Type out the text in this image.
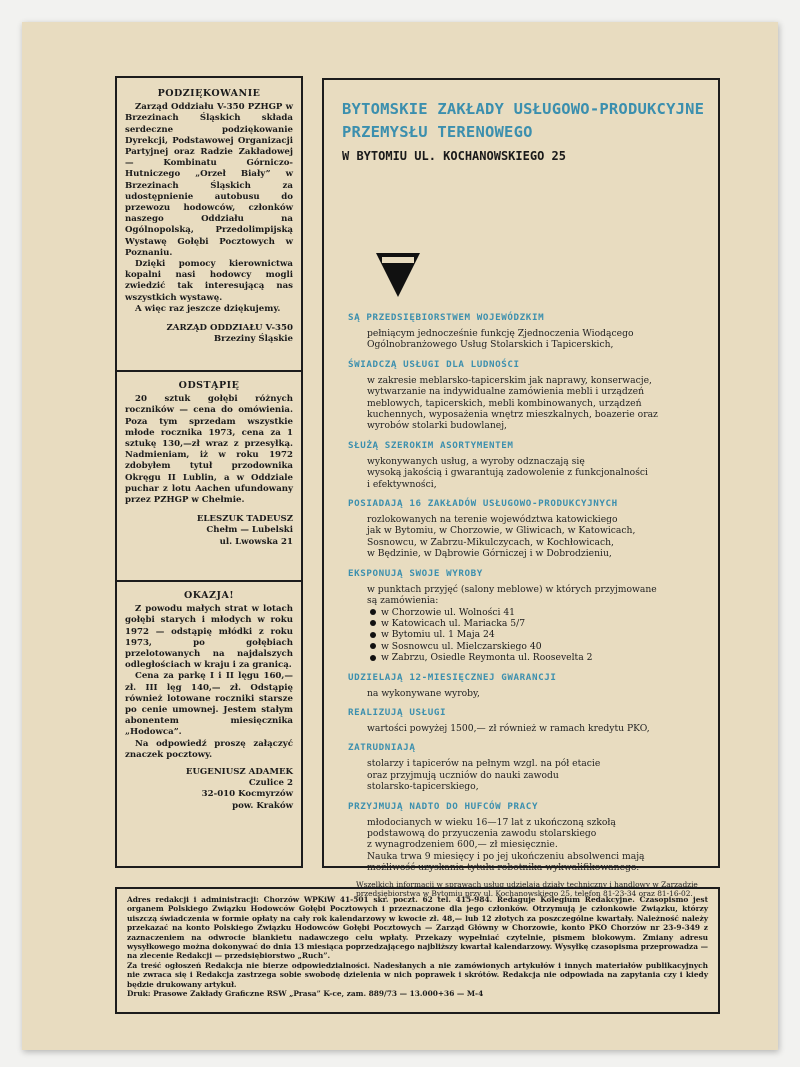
PODZIĘKOWANIE

Zarząd Oddziału V-350 PZHGP w Brzezinach Śląskich składa serdeczne podziękowanie Dyrekcji, Podstawowej Organizacji Partyjnej oraz Radzie Zakładowej — Kombinatu Górniczo-Hutniczego „Orzeł Biały” w Brzezinach Śląskich za udostępnienie autobusu do przewozu hodowców, członków naszego Oddziału na Ogólnopolską, Przedolimpijską Wystawę Gołębi Pocztowych w Poznaniu.

Dzięki pomocy kierownictwa kopalni nasi hodowcy mogli zwiedzić tak interesującą nas wszystkich wystawę.

A więc raz jeszcze dziękujemy.

ZARZĄD ODDZIAŁU V-350

Brzeziny Śląskie

ODSTĄPIĘ

20 sztuk gołębi różnych roczników — cena do omówienia. Poza tym sprzedam wszystkie młode rocznika 1973, cena za 1 sztukę 130,—zł wraz z przesyłką. Nadmieniam, iż w roku 1972 zdobyłem tytuł przodownika Okręgu II Lublin, a w Oddziale puchar z lotu Aachen ufundowany przez PZHGP w Chełmie.

ELESZUK TADEUSZ

Chełm — Lubelski

ul. Lwowska 21

OKAZJA!

Z powodu małych strat w lotach gołębi starych i młodych w roku 1972 — odstąpię młódki z roku 1973, po gołębiach przelotowanych na najdalszych odległościach w kraju i za granicą.

Cena za parkę I i II lęgu 160,— zł. III lęg 140,— zł. Odstąpię również lotowane roczniki starsze po cenie umownej. Jestem stałym abonentem miesięcznika „Hodowca”.

Na odpowiedź proszę załączyć znaczek pocztowy.

EUGENIUSZ ADAMEK

Czulice 2

32-010 Kocmyrzów

pow. Kraków

BYTOMSKIE ZAKŁADY USŁUGOWO-PRODUKCYJNE
PRZEMYSŁU TERENOWEGO
W BYTOMIU UL. KOCHANOWSKIEGO 25
SĄ PRZEDSIĘBIORSTWEM WOJEWÓDZKIM

pełniącym jednocześnie funkcję Zjednoczenia Wiodącego

Ogólnobranżowego Usług Stolarskich i Tapicerskich,

ŚWIADCZĄ USŁUGI DLA LUDNOŚCI

w zakresie meblarsko-tapicerskim jak naprawy, konserwacje,

wytwarzanie na indywidualne zamówienia mebli i urządzeń

meblowych, tapicerskich, mebli kombinowanych, urządzeń

kuchennych, wyposażenia wnętrz mieszkalnych, boazerie oraz

wyrobów stolarki budowlanej,

SŁUŻĄ SZEROKIM ASORTYMENTEM

wykonywanych usług, a wyroby odznaczają się

wysoką jakością i gwarantują zadowolenie z funkcjonalności

i efektywności,

POSIADAJĄ 16 ZAKŁADÓW USŁUGOWO-PRODUKCYJNYCH

rozlokowanych na terenie województwa katowickiego

jak w Bytomiu, w Chorzowie, w Gliwicach, w Katowicach,

Sosnowcu, w Zabrzu-Mikulczycach, w Kochłowicach,

w Będzinie, w Dąbrowie Górniczej i w Dobrodzieniu,

EKSPONUJĄ SWOJE WYROBY

w punktach przyjęć (salony meblowe) w których przyjmowane

są zamówienia:

w Chorzowie ul. Wolności 41

w Katowicach ul. Mariacka 5/7

w Bytomiu ul. 1 Maja 24

w Sosnowcu ul. Mielczarskiego 40

w Zabrzu, Osiedle Reymonta ul. Roosevelta 2

UDZIELAJĄ 12-MIESIĘCZNEJ GWARANCJI

na wykonywane wyroby,

REALIZUJĄ USŁUGI

wartości powyżej 1500,— zł również w ramach kredytu PKO,

ZATRUDNIAJĄ

stolarzy i tapicerów na pełnym wzgl. na pół etacie

oraz przyjmują uczniów do nauki zawodu

stolarsko-tapicerskiego,

PRZYJMUJĄ NADTO DO HUFCÓW PRACY

młodocianych w wieku 16—17 lat z ukończoną szkołą

podstawową do przyuczenia zawodu stolarskiego

z wynagrodzeniem 600,— zł miesięcznie.

Nauka trwa 9 miesięcy i po jej ukończeniu absolwenci mają

możliwość uzyskania tytułu robotnika wykwalifikowanego.

Wszelkich informacji w sprawach usług udzielają działy techniczny i handlowy w Zarządzie przedsiębiorstwa w Bytomiu przy ul. Kochanowskiego 25, telefon 81-23-34 oraz 81-16-02.

Adres redakcji i administracji: Chorzów WPKiW 41-501 skr. poczt. 62 tel. 415-984. Redaguje Kolegium Redakcyjne. Czasopismo jest organem Polskiego Związku Hodowców Gołębi Pocztowych i przeznaczone dla jego członków. Otrzymują je członkowie Związku, którzy uiszczą świadczenia w formie opłaty na cały rok kalendarzowy w kwocie zł. 48,— lub 12 złotych za poszczególne kwartały. Należność należy przekazać na konto Polskiego Związku Hodowców Gołębi Pocztowych — Zarząd Główny w Chorzowie, konto PKO Chorzów nr 23-9-349 z zaznaczeniem na odwrocie blankietu nadawczego celu wpłaty. Przekazy wypełniać czytelnie, pismem blokowym. Zmiany adresu wysyłkowego można dokonywać do dnia 13 miesiąca poprzedzającego najbliższy kwartał kalendarzowy. Wysyłkę czasopisma przeprowadza — na zlecenie Redakcji — przedsiębiorstwo „Ruch”.

Za treść ogłoszeń Redakcja nie bierze odpowiedzialności. Nadesłanych a nie zamówionych artykułów i innych materiałów publikacyjnych nie zwraca się i Redakcja zastrzega sobie swobodę dzielenia w nich poprawek i skrótów. Redakcja nie odpowiada na zapytania czy i kiedy będzie drukowany artykuł.

Druk: Prasowe Zakłady Graficzne RSW „Prasa” K-ce, zam. 889/73 — 13.000+36 — M-4
